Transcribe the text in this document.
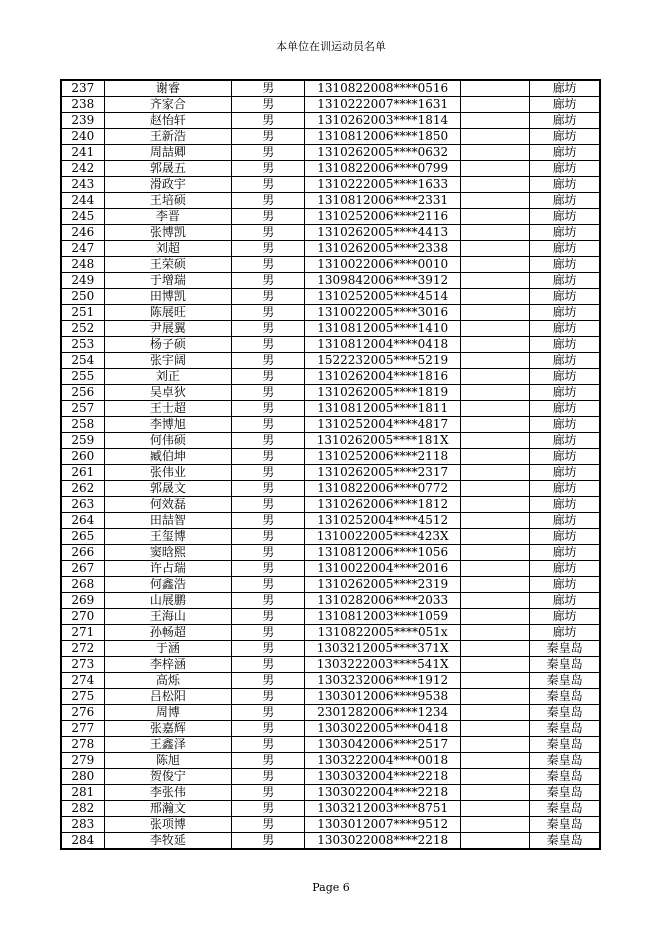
本单位在训运动员名单
237	谢睿	男	1310822008****0516		廊坊
238	齐家合	男	1310222007****1631		廊坊
239	赵怡轩	男	1310262003****1814		廊坊
240	王新浩	男	1310812006****1850		廊坊
241	周喆卿	男	1310262005****0632		廊坊
242	郭晟五	男	1310822006****0799		廊坊
243	滑政宇	男	1310222005****1633		廊坊
244	王培硕	男	1310812006****2331		廊坊
245	李晋	男	1310252006****2116		廊坊
246	张博凯	男	1310262005****4413		廊坊
247	刘超	男	1310262005****2338		廊坊
248	王荣硕	男	1310022006****0010		廊坊
249	于增瑞	男	1309842006****3912		廊坊
250	田博凯	男	1310252005****4514		廊坊
251	陈展旺	男	1310022005****3016		廊坊
252	尹展翼	男	1310812005****1410		廊坊
253	杨子硕	男	1310812004****0418		廊坊
254	张宇阔	男	1522232005****5219		廊坊
255	刘正	男	1310262004****1816		廊坊
256	吴卓狄	男	1310262005****1819		廊坊
257	王士超	男	1310812005****1811		廊坊
258	李博旭	男	1310252004****4817		廊坊
259	何伟硕	男	1310262005****181X		廊坊
260	臧伯坤	男	1310252006****2118		廊坊
261	张伟业	男	1310262005****2317		廊坊
262	郭晟文	男	1310822006****0772		廊坊
263	何效磊	男	1310262006****1812		廊坊
264	田喆智	男	1310252004****4512		廊坊
265	王玺博	男	1310022005****423X		廊坊
266	窦晗熙	男	1310812006****1056		廊坊
267	许占瑞	男	1310022004****2016		廊坊
268	何鑫浩	男	1310262005****2319		廊坊
269	山展鹏	男	1310282006****2033		廊坊
270	王海山	男	1310812003****1059		廊坊
271	孙畅超	男	1310822005****051x		廊坊
272	于涵	男	1303212005****371X		秦皇岛
273	李梓涵	男	1303222003****541X		秦皇岛
274	高烁	男	1303232006****1912		秦皇岛
275	吕松阳	男	1303012006****9538		秦皇岛
276	周博	男	2301282006****1234		秦皇岛
277	张嘉辉	男	1303022005****0418		秦皇岛
278	王鑫泽	男	1303042006****2517		秦皇岛
279	陈旭	男	1303222004****0018		秦皇岛
280	贺俊宁	男	1303032004****2218		秦皇岛
281	李张伟	男	1303022004****2218		秦皇岛
282	邢瀚文	男	1303212003****8751		秦皇岛
283	张项博	男	1303012007****9512		秦皇岛
284	李牧延	男	1303022008****2218		秦皇岛
Page 6
